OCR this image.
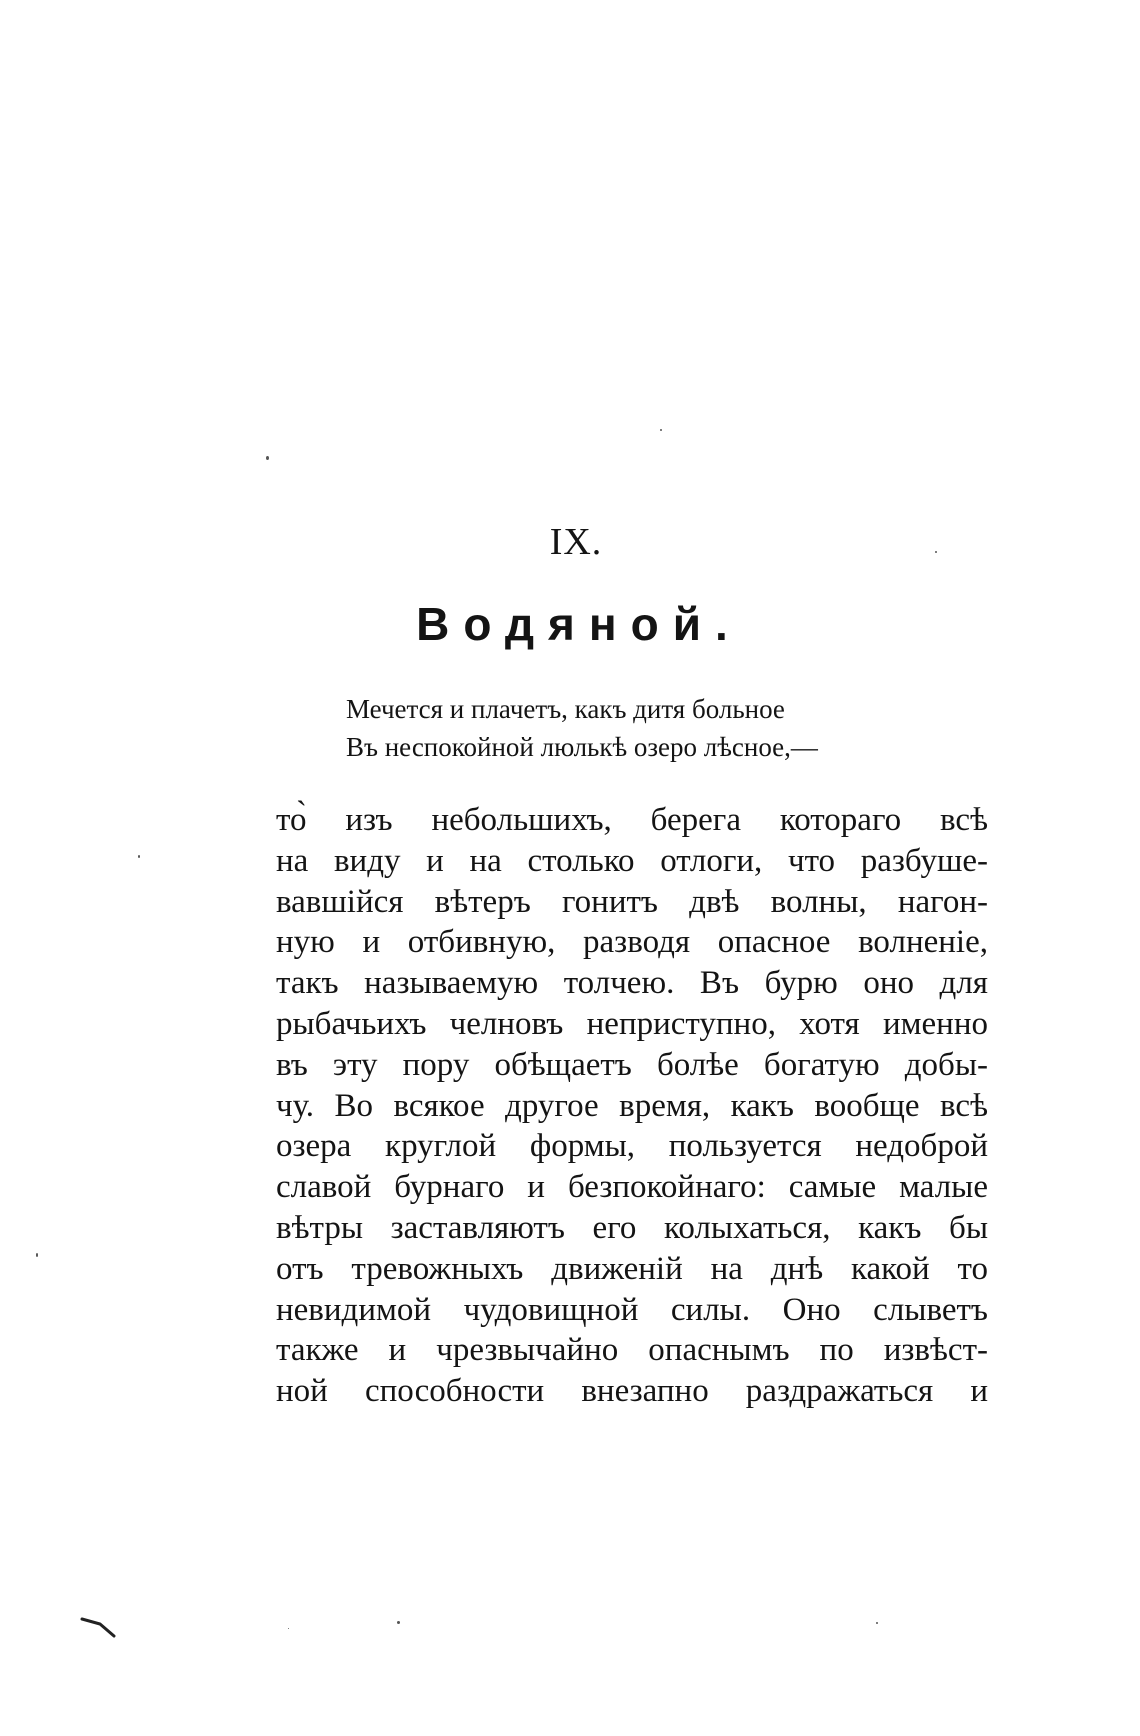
IX.
Водяной.
Мечется и плачетъ, какъ дитя больное
Въ неспокойной люлькѣ озеро лѣсное,—
то̀ изъ небольшихъ, берега котораго всѣ
на виду и на столько отлоги, что разбуше-
вавшійся вѣтеръ гонитъ двѣ волны, нагон-
ную и отбивную, разводя опасное волненіе,
такъ называемую толчею. Въ бурю оно для
рыбачьихъ челновъ неприступно, хотя именно
въ эту пору обѣщаетъ болѣе богатую добы-
чу. Во всякое другое время, какъ вообще всѣ
озера круглой формы, пользуется недоброй
славой бурнаго и безпокойнаго: самые малые
вѣтры заставляютъ его колыхаться, какъ бы
отъ тревожныхъ движеній на днѣ какой то
невидимой чудовищной силы. Оно слыветъ
также и чрезвычайно опаснымъ по извѣст-
ной способности внезапно раздражаться и
